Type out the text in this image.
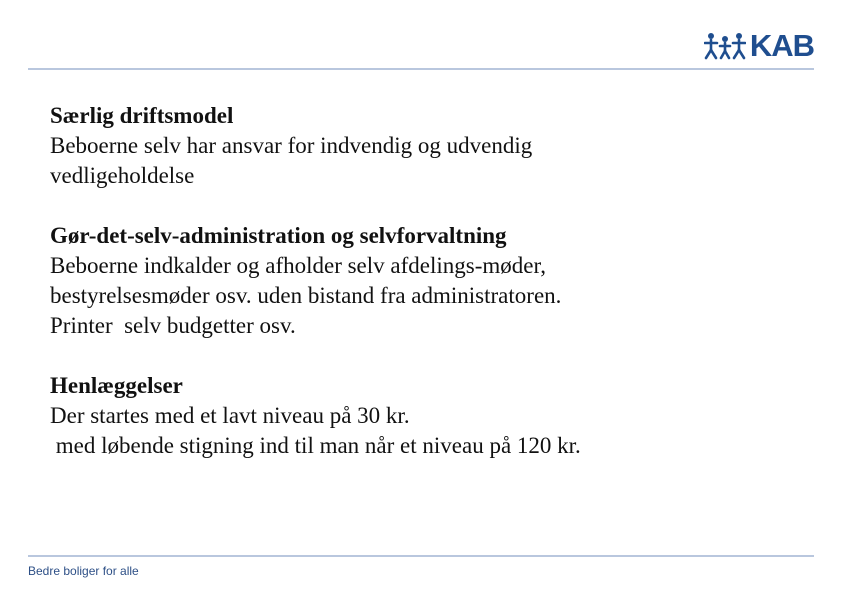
KAB
Særlig driftsmodel
Beboerne selv har ansvar for indvendig og udvendig
vedligeholdelse
Gør-det-selv-administration og selvforvaltning
Beboerne indkalder og afholder selv afdelings-møder,
bestyrelsesmøder osv. uden bistand fra administratoren.
Printer  selv budgetter osv.
Henlæggelser
Der startes med et lavt niveau på 30 kr.
med løbende stigning ind til man når et niveau på 120 kr.
Bedre boliger for alle
